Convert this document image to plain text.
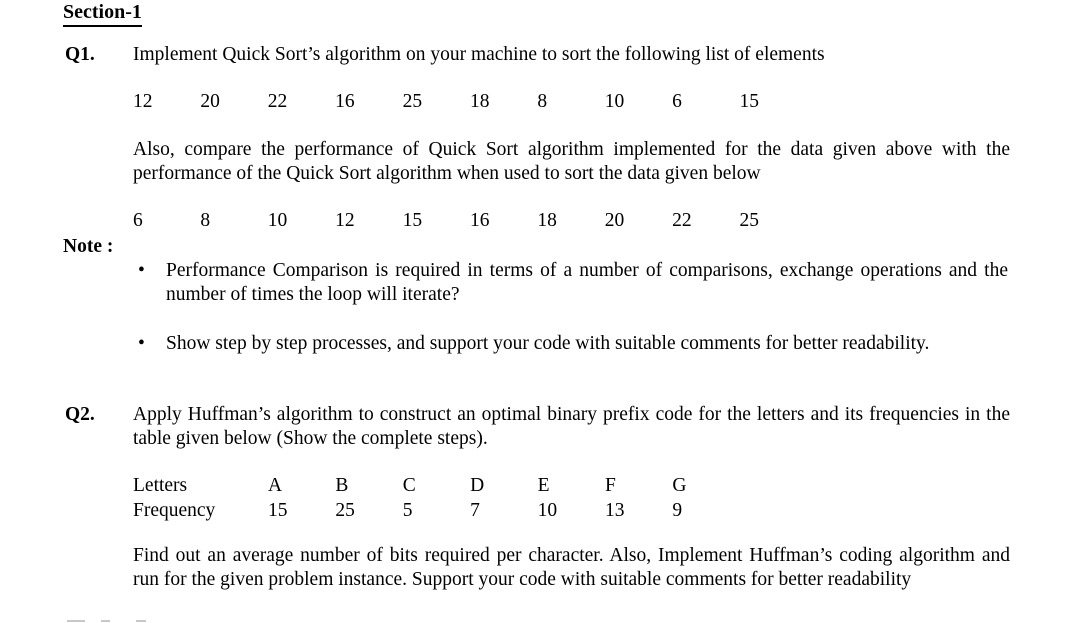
Section-1
Q1. Implement Quick Sort’s algorithm on your machine to sort the following list of elements
12 20 22 16 25 18 8	10 6	15
Also, compare the performance of Quick Sort algorithm implemented for the data given above with the performance of the Quick Sort algorithm when used to sort the data given below
6	8	10 12 15 16 18 20 22 25
Note :
•	Performance Comparison is required in terms of a number of comparisons, exchange operations and the number of times the loop will iterate?
•	Show step by step processes, and support your code with suitable comments for better readability.
Q2. Apply Huffman’s algorithm to construct an optimal binary prefix code for the letters and its frequencies in the table given below (Show the complete steps).
Letters	A	B	C	D	E	F	G
Frequency	15 25 5	7	10 13 9
Find out an average number of bits required per character. Also, Implement Huffman’s coding algorithm and run for the given problem instance. Support your code with suitable comments for better readability
